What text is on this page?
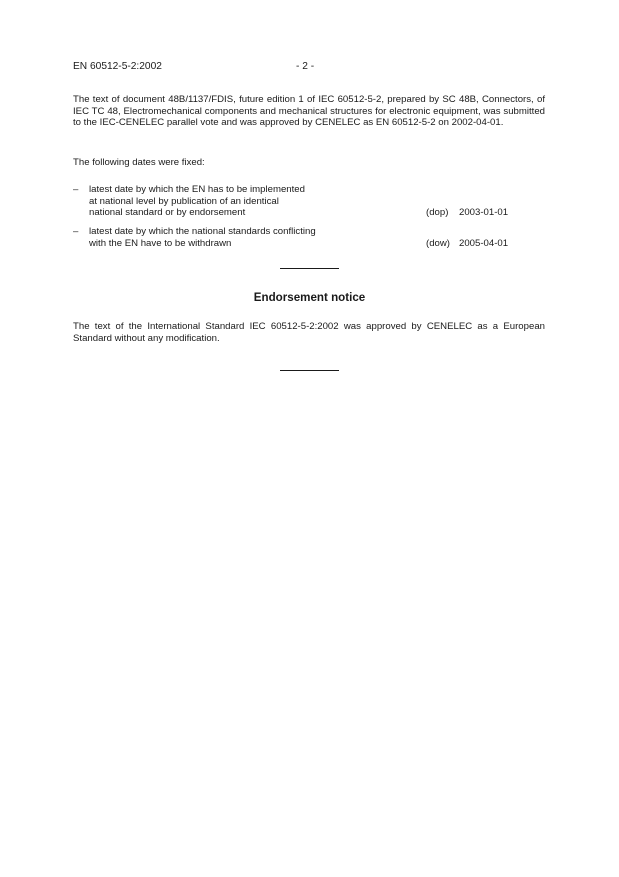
EN 60512-5-2:2002	- 2 -

The text of document 48B/1137/FDIS, future edition 1 of IEC 60512-5-2, prepared by SC 48B, Connectors, of IEC TC 48, Electromechanical components and mechanical structures for electronic equipment, was submitted to the IEC-CENELEC parallel vote and was approved by CENELEC as EN 60512-5-2 on 2002-04-01.

The following dates were fixed:
– latest date by which the EN has to be implemented
at national level by publication of an identical
national standard or by endorsement	(dop) 2003-01-01
– latest date by which the national standards conflicting
with the EN have to be withdrawn	(dow) 2005-04-01
Endorsement notice

The text of the International Standard IEC 60512-5-2:2002 was approved by CENELEC as a European Standard without any modification.
